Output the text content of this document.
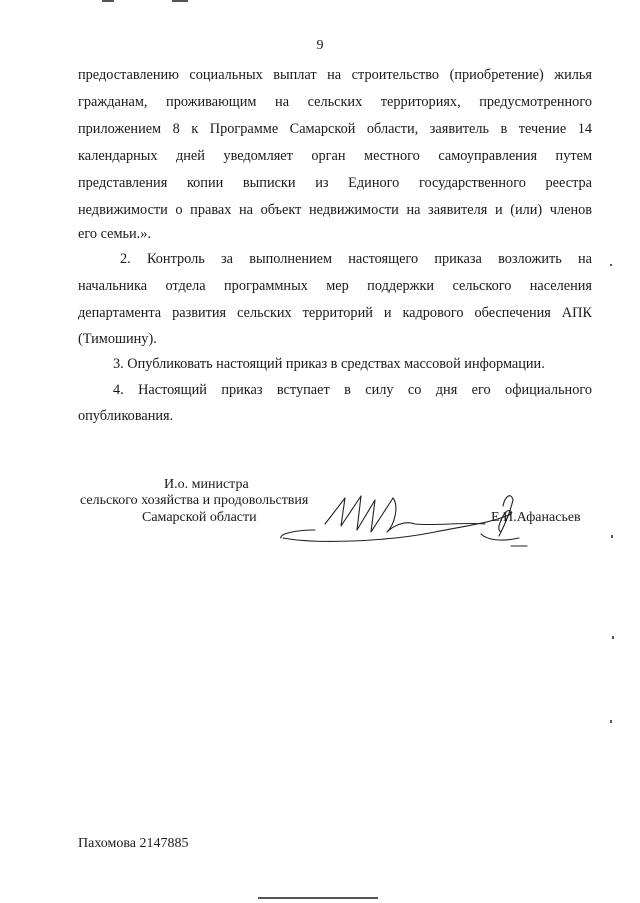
9
предоставлению социальных выплат на строительство (приобретение) жилья
гражданам, проживающим на сельских территориях, предусмотренного
приложением 8 к Программе Самарской области, заявитель в течение 14
календарных дней уведомляет орган местного самоуправления путем
представления копии выписки из Единого государственного реестра
недвижимости о правах на объект недвижимости на заявителя и (или) членов
его семьи.».
2. Контроль за выполнением настоящего приказа возложить на
начальника отдела программных мер поддержки сельского населения
департамента развития сельских территорий и кадрового обеспечения АПК
(Тимошину).
3. Опубликовать настоящий приказ в средствах массовой информации.
4. Настоящий приказ вступает в силу со дня его официального
опубликования.
И.о. министра
сельского хозяйства и продовольствия
Самарской области	Е.И.Афанасьев
Пахомова 2147885
